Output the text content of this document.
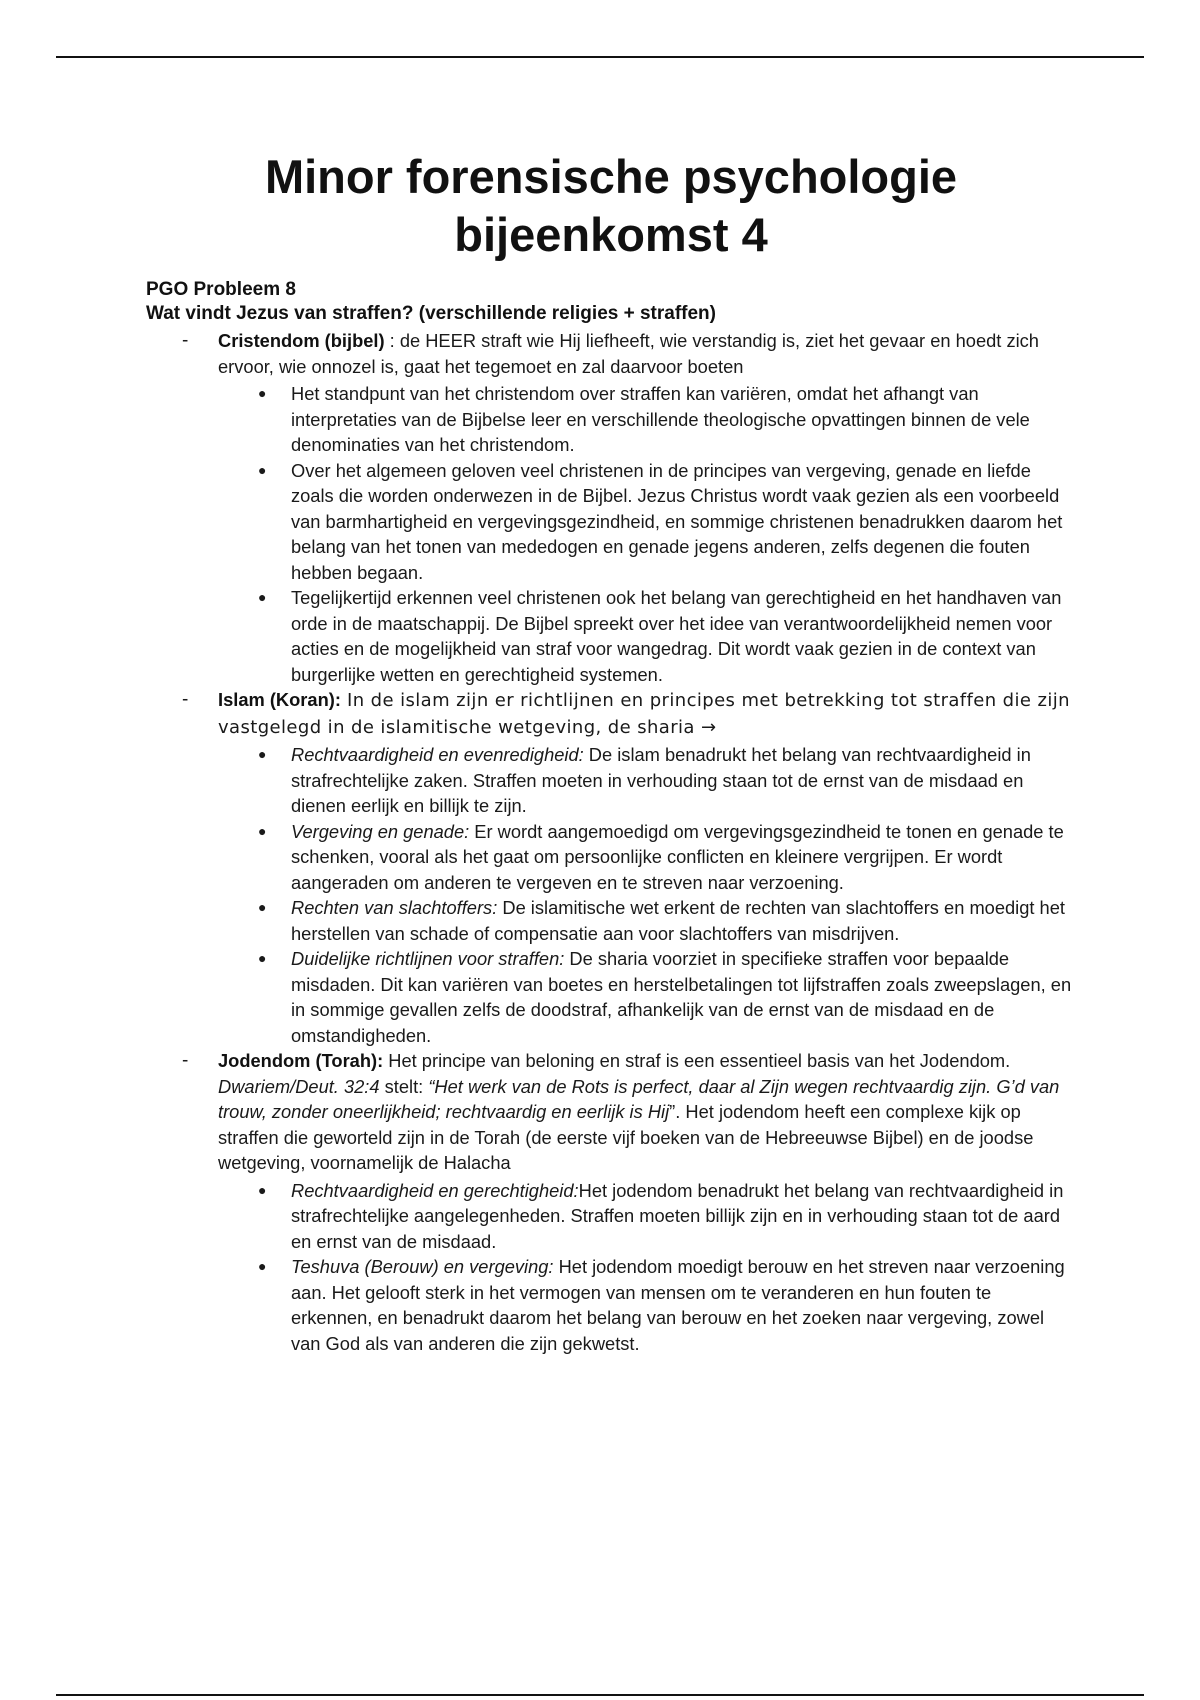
Minor forensische psychologie
bijeenkomst 4

PGO Probleem 8

Wat vindt Jezus van straffen? (verschillende religies + straffen)

- Cristendom (bijbel) : de HEER straft wie Hij liefheeft, wie verstandig is, ziet het gevaar en hoedt zich ervoor, wie onnozel is, gaat het tegemoet en zal daarvoor boeten

● Het standpunt van het christendom over straffen kan variëren, omdat het afhangt van interpretaties van de Bijbelse leer en verschillende theologische opvattingen binnen de vele denominaties van het christendom.
● Over het algemeen geloven veel christenen in de principes van vergeving, genade en liefde zoals die worden onderwezen in de Bijbel. Jezus Christus wordt vaak gezien als een voorbeeld van barmhartigheid en vergevingsgezindheid, en sommige christenen benadrukken daarom het belang van het tonen van mededogen en genade jegens anderen, zelfs degenen die fouten hebben begaan.
● Tegelijkertijd erkennen veel christenen ook het belang van gerechtigheid en het handhaven van orde in de maatschappij. De Bijbel spreekt over het idee van verantwoordelijkheid nemen voor acties en de mogelijkheid van straf voor wangedrag. Dit wordt vaak gezien in de context van burgerlijke wetten en gerechtigheid systemen.
- Islam (Koran): In de islam zijn er richtlijnen en principes met betrekking tot straffen die zijn vastgelegd in de islamitische wetgeving, de sharia →

● Rechtvaardigheid en evenredigheid: De islam benadrukt het belang van rechtvaardigheid in strafrechtelijke zaken. Straffen moeten in verhouding staan tot de ernst van de misdaad en dienen eerlijk en billijk te zijn.
● Vergeving en genade: Er wordt aangemoedigd om vergevingsgezindheid te tonen en genade te schenken, vooral als het gaat om persoonlijke conflicten en kleinere vergrijpen. Er wordt aangeraden om anderen te vergeven en te streven naar verzoening.
● Rechten van slachtoffers: De islamitische wet erkent de rechten van slachtoffers en moedigt het herstellen van schade of compensatie aan voor slachtoffers van misdrijven.
● Duidelijke richtlijnen voor straffen: De sharia voorziet in specifieke straffen voor bepaalde misdaden. Dit kan variëren van boetes en herstelbetalingen tot lijfstraffen zoals zweepslagen, en in sommige gevallen zelfs de doodstraf, afhankelijk van de ernst van de misdaad en de omstandigheden.
- Jodendom (Torah): Het principe van beloning en straf is een essentieel basis van het Jodendom. Dwariem/Deut. 32:4 stelt: “Het werk van de Rots is perfect, daar al Zijn wegen rechtvaardig zijn. G’d van trouw, zonder oneerlijkheid; rechtvaardig en eerlijk is Hij”. Het jodendom heeft een complexe kijk op straffen die geworteld zijn in de Torah (de eerste vijf boeken van de Hebreeuwse Bijbel) en de joodse wetgeving, voornamelijk de Halacha

● Rechtvaardigheid en gerechtigheid:Het jodendom benadrukt het belang van rechtvaardigheid in strafrechtelijke aangelegenheden. Straffen moeten billijk zijn en in verhouding staan tot de aard en ernst van de misdaad.
● Teshuva (Berouw) en vergeving: Het jodendom moedigt berouw en het streven naar verzoening aan. Het gelooft sterk in het vermogen van mensen om te veranderen en hun fouten te erkennen, en benadrukt daarom het belang van berouw en het zoeken naar vergeving, zowel van God als van anderen die zijn gekwetst.
